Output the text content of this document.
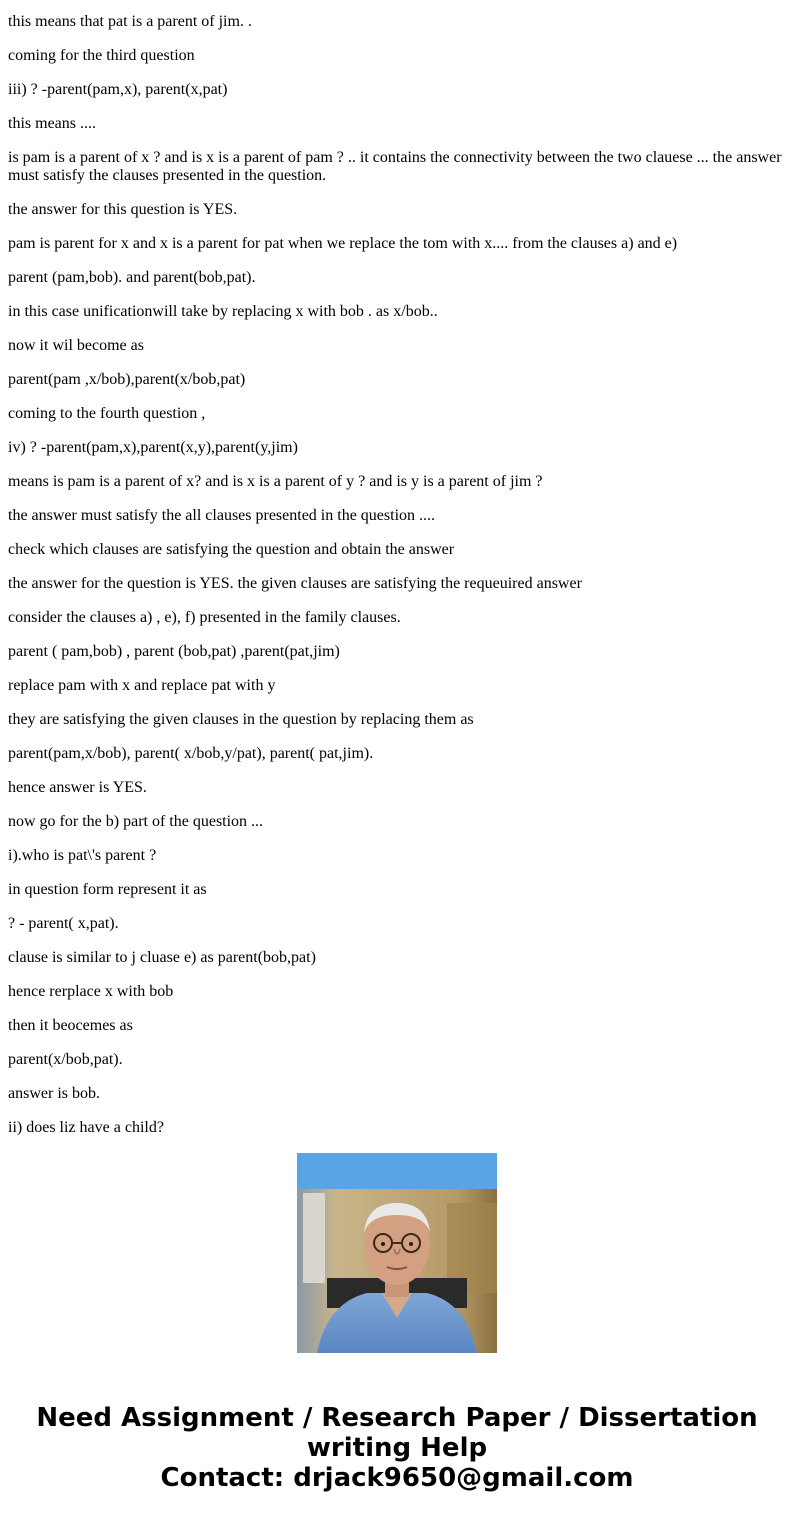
this means that pat is a parent of jim. .

coming for the third question

iii) ? -parent(pam,x), parent(x,pat)

this means ....

is pam is a parent of x ? and is x is a parent of pam ? .. it contains the connectivity between the two clauese ... the answer must satisfy the clauses presented in the question.

the answer for this question is YES.

pam is parent for x and x is a parent for pat when we replace the tom with x.... from the clauses a) and e)

parent (pam,bob). and parent(bob,pat).

in this case unificationwill take by replacing x with bob . as x/bob..

now it wil become as

parent(pam ,x/bob),parent(x/bob,pat)

coming to the fourth question ,

iv) ? -parent(pam,x),parent(x,y),parent(y,jim)

means is pam is a parent of x? and is x is a parent of y ? and is y is a parent of jim ?

the answer must satisfy the all clauses presented in the question ....

check which clauses are satisfying the question and obtain the answer

the answer for the question is YES. the given clauses are satisfying the requeuired answer

consider the clauses a) , e), f) presented in the family clauses.

parent ( pam,bob) , parent (bob,pat) ,parent(pat,jim)

replace pam with x and replace pat with y

they are satisfying the given clauses in the question by replacing them as

parent(pam,x/bob), parent( x/bob,y/pat), parent( pat,jim).

hence answer is YES.

now go for the b) part of the question ...

i).who is pat\'s parent ?

in question form represent it as

? - parent( x,pat).

clause is similar to j cluase e) as parent(bob,pat)

hence rerplace x with bob

then it beocemes as

parent(x/bob,pat).

answer is bob.

ii) does liz have a child?

Need Assignment / Research Paper / Dissertation writing Help
Contact: drjack9650@gmail.com
